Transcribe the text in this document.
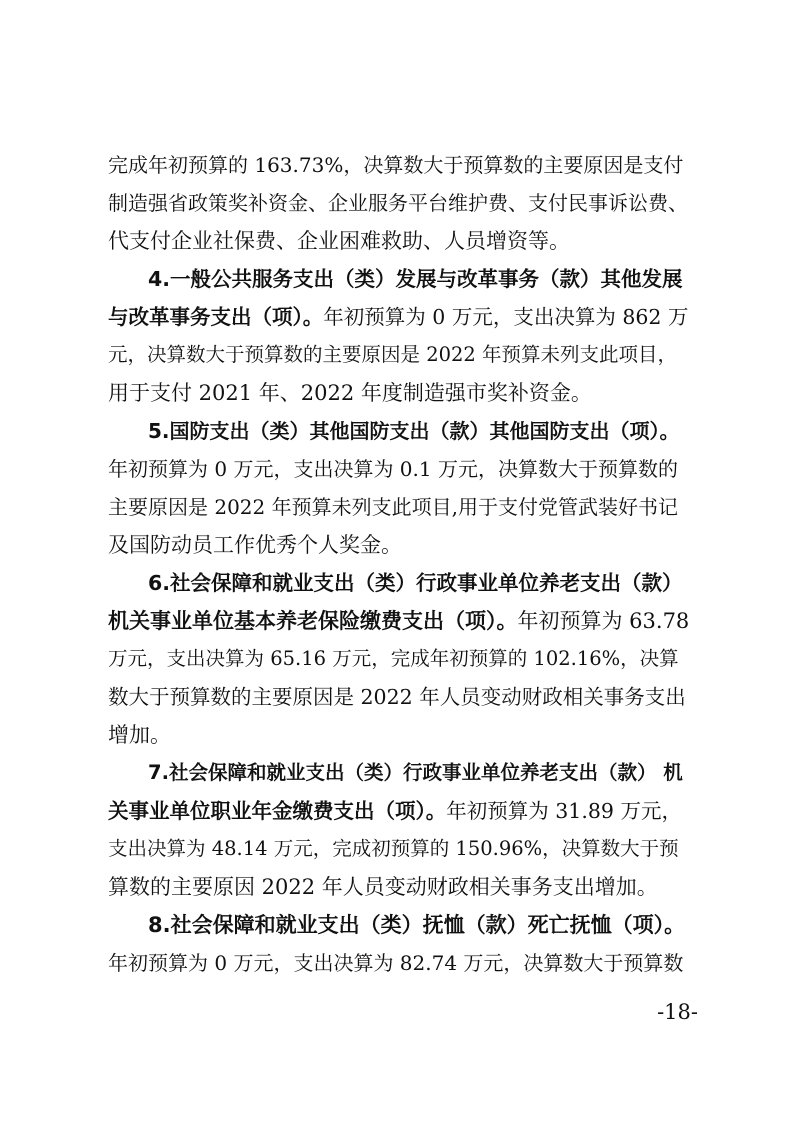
完成年初预算的 163.73%，决算数大于预算数的主要原因是支付
制造强省政策奖补资金、企业服务平台维护费、支付民事诉讼费、
代支付企业社保费、企业困难救助、人员增资等。
4.一般公共服务支出（类）发展与改革事务（款）其他发展
与改革事务支出（项）。年初预算为 0 万元，支出决算为 862 万
元，决算数大于预算数的主要原因是 2022 年预算未列支此项目，
用于支付 2021 年、2022 年度制造强市奖补资金。
5.国防支出（类）其他国防支出（款）其他国防支出（项）。
年初预算为 0 万元，支出决算为 0.1 万元，决算数大于预算数的
主要原因是 2022 年预算未列支此项目,用于支付党管武装好书记
及国防动员工作优秀个人奖金。
6.社会保障和就业支出（类）行政事业单位养老支出（款）
机关事业单位基本养老保险缴费支出（项）。年初预算为 63.78
万元，支出决算为 65.16 万元，完成年初预算的 102.16%，决算
数大于预算数的主要原因是 2022 年人员变动财政相关事务支出
增加。
7.社会保障和就业支出（类）行政事业单位养老支出（款） 机
关事业单位职业年金缴费支出（项）。年初预算为 31.89 万元，
支出决算为 48.14 万元，完成初预算的 150.96%，决算数大于预
算数的主要原因 2022 年人员变动财政相关事务支出增加。
8.社会保障和就业支出（类）抚恤（款）死亡抚恤（项）。
年初预算为 0 万元，支出决算为 82.74 万元，决算数大于预算数
-18-
